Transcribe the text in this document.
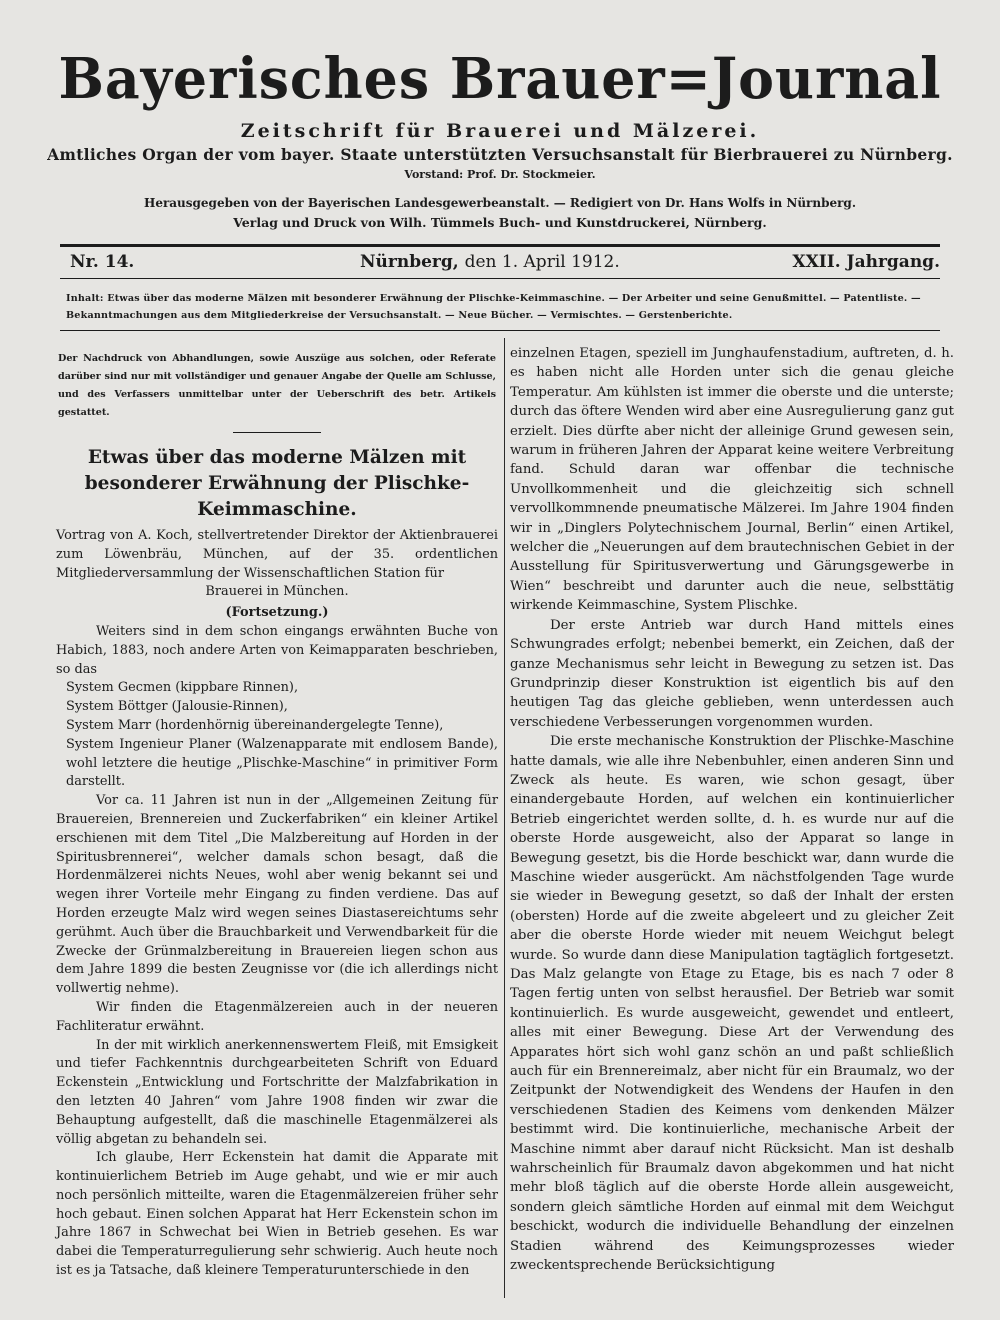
Bayerisches Brauer=Journal
Zeitschrift für Brauerei und Mälzerei.
Amtliches Organ der vom bayer. Staate unterstützten Versuchsanstalt für Bierbrauerei zu Nürnberg.
Vorstand: Prof. Dr. Stockmeier.
Herausgegeben von der Bayerischen Landesgewerbeanstalt. — Redigiert von Dr. Hans Wolfs in Nürnberg.
Verlag und Druck von Wilh. Tümmels Buch- und Kunstdruckerei, Nürnberg.
Nr. 14.	Nürnberg, den 1. April 1912.	XXII. Jahrgang.
Inhalt: Etwas über das moderne Mälzen mit besonderer Erwähnung der Plischke-Keimmaschine. — Der Arbeiter und seine Genußmittel. — Patentliste. — Bekanntmachungen aus dem Mitgliederkreise der Versuchsanstalt. — Neue Bücher. — Vermischtes. — Gerstenberichte.
Der Nachdruck von Abhandlungen, sowie Auszüge aus solchen, oder Referate darüber sind nur mit vollständiger und genauer Angabe der Quelle am Schlusse, und des Verfassers unmittelbar unter der Ueberschrift des betr. Artikels gestattet.
Etwas über das moderne Mälzen mit besonderer Erwähnung der Plischke-Keimmaschine.
Vortrag von A. Koch, stellvertretender Direktor der Aktienbrauerei zum Löwenbräu, München, auf der 35. ordentlichen Mitgliederversammlung der Wissenschaftlichen Station für
Brauerei in München.
(Fortsetzung.)

Weiters sind in dem schon eingangs erwähnten Buche von Habich, 1883, noch andere Arten von Keimapparaten beschrieben, so das

System Gecmen (kippbare Rinnen),
System Böttger (Jalousie-Rinnen),
System Marr (hordenhörnig übereinandergelegte Tenne),
System Ingenieur Planer (Walzenapparate mit endlosem Bande), wohl letztere die heutige „Plischke-Maschine“ in primitiver Form darstellt.

Vor ca. 11 Jahren ist nun in der „Allgemeinen Zeitung für Brauereien, Brennereien und Zuckerfabriken“ ein kleiner Artikel erschienen mit dem Titel „Die Malzbereitung auf Horden in der Spiritusbrennerei“, welcher damals schon besagt, daß die Hordenmälzerei nichts Neues, wohl aber wenig bekannt sei und wegen ihrer Vorteile mehr Eingang zu finden verdiene. Das auf Horden erzeugte Malz wird wegen seines Diastasereichtums sehr gerühmt. Auch über die Brauchbarkeit und Verwendbarkeit für die Zwecke der Grünmalzbereitung in Brauereien liegen schon aus dem Jahre 1899 die besten Zeugnisse vor (die ich allerdings nicht vollwertig nehme).

Wir finden die Etagenmälzereien auch in der neueren Fachliteratur erwähnt.

In der mit wirklich anerkennenswertem Fleiß, mit Emsigkeit und tiefer Fachkenntnis durchgearbeiteten Schrift von Eduard Eckenstein „Entwicklung und Fortschritte der Malzfabrikation in den letzten 40 Jahren“ vom Jahre 1908 finden wir zwar die Behauptung aufgestellt, daß die maschinelle Etagenmälzerei als völlig abgetan zu behandeln sei.

Ich glaube, Herr Eckenstein hat damit die Apparate mit kontinuierlichem Betrieb im Auge gehabt, und wie er mir auch noch persönlich mitteilte, waren die Etagenmälzereien früher sehr hoch gebaut. Einen solchen Apparat hat Herr Eckenstein schon im Jahre 1867 in Schwechat bei Wien in Betrieb gesehen. Es war dabei die Temperaturregulierung sehr schwierig. Auch heute noch ist es ja Tatsache, daß kleinere Temperaturunterschiede in den

einzelnen Etagen, speziell im Junghaufenstadium, auftreten, d. h. es haben nicht alle Horden unter sich die genau gleiche Temperatur. Am kühlsten ist immer die oberste und die unterste; durch das öftere Wenden wird aber eine Ausregulierung ganz gut erzielt. Dies dürfte aber nicht der alleinige Grund gewesen sein, warum in früheren Jahren der Apparat keine weitere Verbreitung fand. Schuld daran war offenbar die technische Unvollkommenheit und die gleichzeitig sich schnell vervollkommnende pneumatische Mälzerei. Im Jahre 1904 finden wir in „Dinglers Polytechnischem Journal, Berlin“ einen Artikel, welcher die „Neuerungen auf dem brautechnischen Gebiet in der Ausstellung für Spiritusverwertung und Gärungsgewerbe in Wien“ beschreibt und darunter auch die neue, selbsttätig wirkende Keimmaschine, System Plischke.

Der erste Antrieb war durch Hand mittels eines Schwungrades erfolgt; nebenbei bemerkt, ein Zeichen, daß der ganze Mechanismus sehr leicht in Bewegung zu setzen ist. Das Grundprinzip dieser Konstruktion ist eigentlich bis auf den heutigen Tag das gleiche geblieben, wenn unterdessen auch verschiedene Verbesserungen vorgenommen wurden.

Die erste mechanische Konstruktion der Plischke-Maschine hatte damals, wie alle ihre Nebenbuhler, einen anderen Sinn und Zweck als heute. Es waren, wie schon gesagt, über einandergebaute Horden, auf welchen ein kontinuierlicher Betrieb eingerichtet werden sollte, d. h. es wurde nur auf die oberste Horde ausgeweicht, also der Apparat so lange in Bewegung gesetzt, bis die Horde beschickt war, dann wurde die Maschine wieder ausgerückt. Am nächstfolgenden Tage wurde sie wieder in Bewegung gesetzt, so daß der Inhalt der ersten (obersten) Horde auf die zweite abgeleert und zu gleicher Zeit aber die oberste Horde wieder mit neuem Weichgut belegt wurde. So wurde dann diese Manipulation tagtäglich fortgesetzt. Das Malz gelangte von Etage zu Etage, bis es nach 7 oder 8 Tagen fertig unten von selbst herausfiel. Der Betrieb war somit kontinuierlich. Es wurde ausgeweicht, gewendet und entleert, alles mit einer Bewegung. Diese Art der Verwendung des Apparates hört sich wohl ganz schön an und paßt schließlich auch für ein Brennereimalz, aber nicht für ein Braumalz, wo der Zeitpunkt der Notwendigkeit des Wendens der Haufen in den verschiedenen Stadien des Keimens vom denkenden Mälzer bestimmt wird. Die kontinuierliche, mechanische Arbeit der Maschine nimmt aber darauf nicht Rücksicht. Man ist deshalb wahrscheinlich für Braumalz davon abgekommen und hat nicht mehr bloß täglich auf die oberste Horde allein ausgeweicht, sondern gleich sämtliche Horden auf einmal mit dem Weichgut beschickt, wodurch die individuelle Behandlung der einzelnen Stadien während des Keimungsprozesses wieder zweckentsprechende Berücksichtigung
